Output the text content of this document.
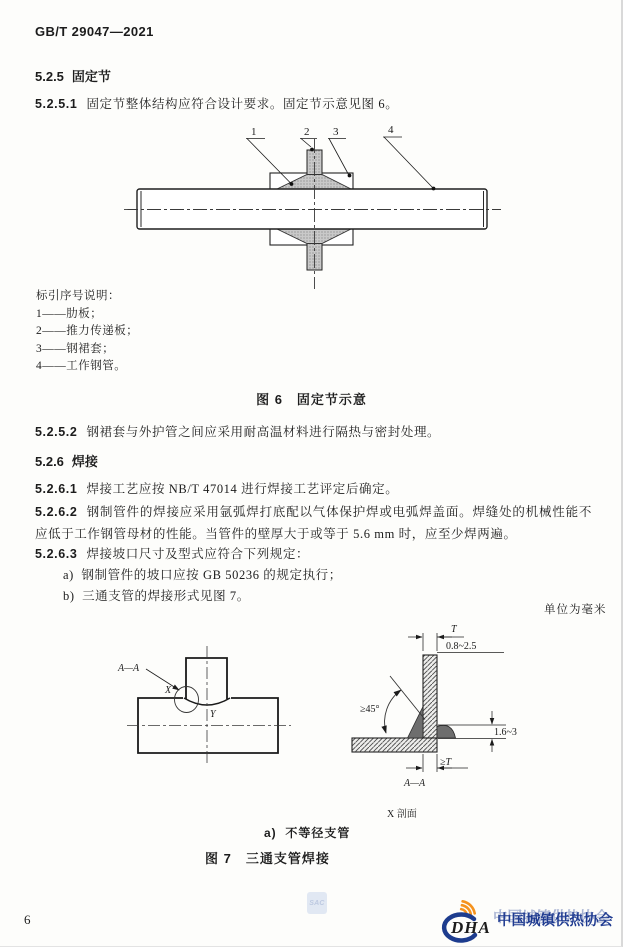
GB/T 29047—2021
5.2.5 固定节
5.2.5.1 固定节整体结构应符合设计要求。固定节示意见图 6。
1	2 3	4
标引序号说明：
1——肋板；
2——推力传递板；
3——钢裙套；
4——工作钢管。
图 6　固定节示意
5.2.5.2 钢裙套与外护管之间应采用耐高温材料进行隔热与密封处理。
5.2.6 焊接
5.2.6.1 焊接工艺应按 NB/T 47014 进行焊接工艺评定后确定。
5.2.6.2 钢制管件的焊接应采用氩弧焊打底配以气体保护焊或电弧焊盖面。焊缝处的机械性能不应低于工作钢管母材的性能。当管件的壁厚大于或等于 5.6 mm 时，应至少焊两遍。
5.2.6.3 焊接坡口尺寸及型式应符合下列规定：
a) 钢制管件的坡口应按 GB 50236 的规定执行；
b) 三通支管的焊接形式见图 7。
单位为毫米
A—A
X
Y	≥45°
T
0.8~2.5
1.6~3
≥T
A—A
X 剖面
a) 不等径支管
图 7　三通支管焊接
6
SAC
DHA 中国城镇供热协会
